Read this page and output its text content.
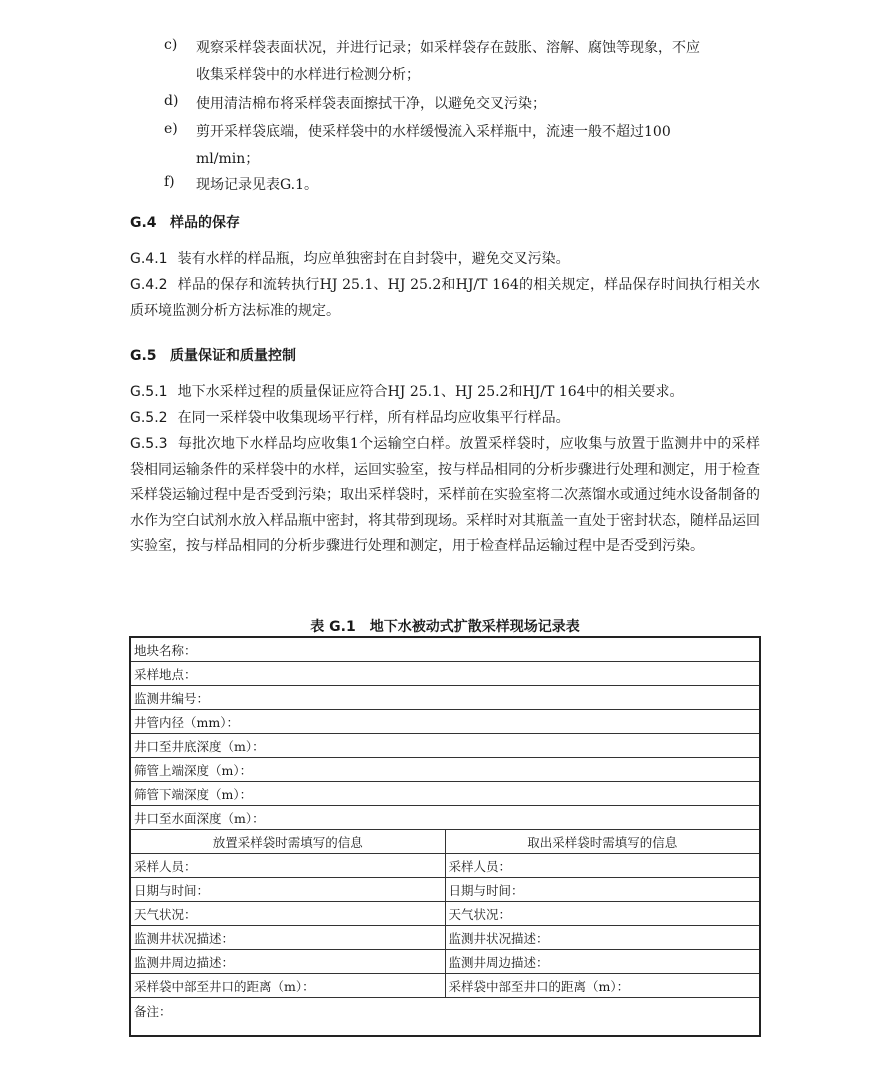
c) 观察采样袋表面状况，并进行记录；如采样袋存在鼓胀、溶解、腐蚀等现象，不应
收集采样袋中的水样进行检测分析；
d) 使用清洁棉布将采样袋表面擦拭干净，以避免交叉污染；
e) 剪开采样袋底端，使采样袋中的水样缓慢流入采样瓶中，流速一般不超过100
ml/min；
f) 现场记录见表G.1。
G.4 样品的保存
G.4.1 装有水样的样品瓶，均应单独密封在自封袋中，避免交叉污染。
G.4.2 样品的保存和流转执行HJ 25.1、HJ 25.2和HJ/T 164的相关规定，样品保存时间执行相关水质环境监测分析方法标准的规定。
G.5 质量保证和质量控制
G.5.1 地下水采样过程的质量保证应符合HJ 25.1、HJ 25.2和HJ/T 164中的相关要求。
G.5.2 在同一采样袋中收集现场平行样，所有样品均应收集平行样品。
G.5.3 每批次地下水样品均应收集1个运输空白样。放置采样袋时，应收集与放置于监测井中的采样袋相同运输条件的采样袋中的水样，运回实验室，按与样品相同的分析步骤进行处理和测定，用于检查采样袋运输过程中是否受到污染；取出采样袋时，采样前在实验室将二次蒸馏水或通过纯水设备制备的水作为空白试剂水放入样品瓶中密封，将其带到现场。采样时对其瓶盖一直处于密封状态，随样品运回实验室，按与样品相同的分析步骤进行处理和测定，用于检查样品运输过程中是否受到污染。
表 G.1　地下水被动式扩散采样现场记录表
地块名称：	
采样地点：	
监测井编号：	
井管内径（mm）：	
井口至井底深度（m）：	
筛管上端深度（m）：	
筛管下端深度（m）：	
井口至水面深度（m）：	
放置采样袋时需填写的信息	取出采样袋时需填写的信息
采样人员：	采样人员：
日期与时间：	日期与时间：
天气状况：	天气状况：
监测井状况描述：	监测井状况描述：
监测井周边描述：	监测井周边描述：
采样袋中部至井口的距离（m）：	采样袋中部至井口的距离（m）：
备注：	
